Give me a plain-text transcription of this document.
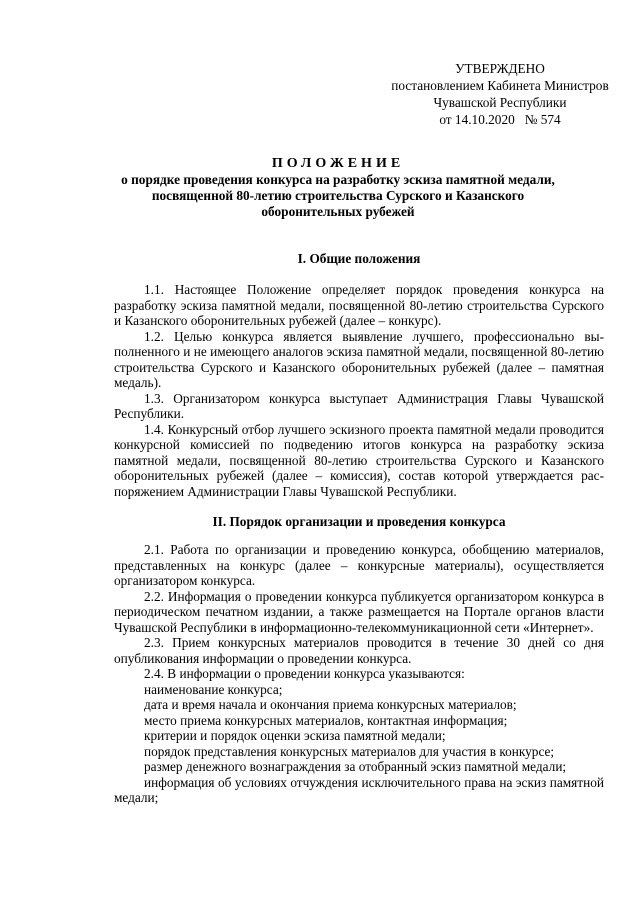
УТВЕРЖДЕНО
постановлением Кабинета Министров
Чувашской Республики
от 14.10.2020   № 574
ПОЛОЖЕНИЕ
о порядке проведения конкурса на разработку эскиза памятной медали,
посвященной 80-летию строительства Сурского и Казанского
оборонительных рубежей
I. Общие положения

1.1. Настоящее Положение определяет порядок проведения конкурса на разработку эскиза памятной медали, посвященной 80-летию строительства Сурского и Казанского оборонительных рубежей (далее – конкурс).

1.2. Целью конкурса является выявление лучшего, профессионально выполненного и не имеющего аналогов эскиза памятной медали, посвященной 80-летию строительства Сурского и Казанского оборонительных рубежей (далее – памятная медаль).

1.3. Организатором конкурса выступает Администрация Главы Чувашской Республики.

1.4. Конкурсный отбор лучшего эскизного проекта памятной медали проводится конкурсной комиссией по подведению итогов конкурса на разработку эскиза памятной медали, посвященной 80-летию строительства Сурского и Казанского оборонительных рубежей (далее – комиссия), состав которой утверждается распоряжением Администрации Главы Чувашской Республики.

II. Порядок организации и проведения конкурса

2.1. Работа по организации и проведению конкурса, обобщению материалов, представленных на конкурс (далее – конкурсные материалы), осуществляется организатором конкурса.

2.2. Информация о проведении конкурса публикуется организатором конкурса в периодическом печатном издании, а также размещается на Портале органов власти Чувашской Республики в информационно-телекоммуникационной сети «Интернет».

2.3. Прием конкурсных материалов проводится в течение 30 дней со дня опубликования информации о проведении конкурса.

2.4. В информации о проведении конкурса указываются:

наименование конкурса;

дата и время начала и окончания приема конкурсных материалов;

место приема конкурсных материалов, контактная информация;

критерии и порядок оценки эскиза памятной медали;

порядок представления конкурсных материалов для участия в конкурсе;

размер денежного вознаграждения за отобранный эскиз памятной медали;

информация об условиях отчуждения исключительного права на эскиз памятной медали;
